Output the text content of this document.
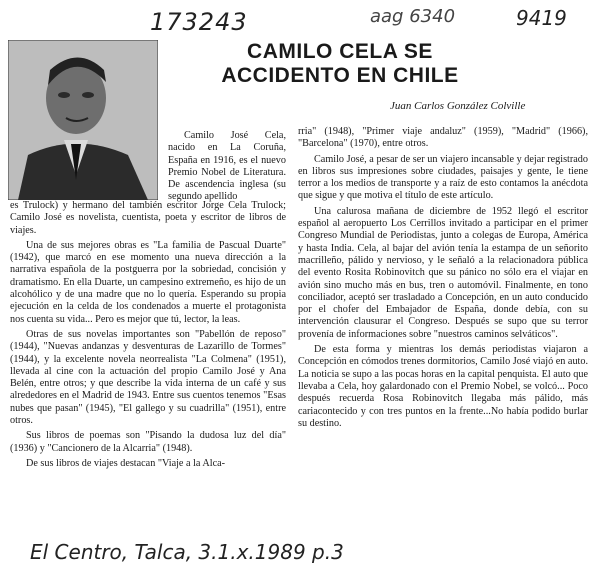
173243	aag 6340	9419
CAMILO CELA SE
ACCIDENTO EN CHILE
Juan Carlos González Colville

Camilo José Cela, nacido en La Coruña, España en 1916, es el nuevo Premio Nobel de Literatura. De ascendencia inglesa (su segundo apellido

es Trulock) y hermano del también escritor Jorge Cela Trulock; Camilo José es novelista, cuentista, poeta y escritor de libros de viajes.

Una de sus mejores obras es "La familia de Pascual Duarte" (1942), que marcó en ese momento una nueva dirección a la narrativa española de la postguerra por la sobriedad, concisión y dramatismo. En ella Duarte, un campesino extremeño, es hijo de un alcohólico y de una madre que no lo quería. Esperando su propia ejecución en la celda de los condenados a muerte el protagonista nos cuenta su vida... Pero es mejor que tú, lector, la leas.

Otras de sus novelas importantes son "Pabellón de reposo" (1944), "Nuevas andanzas y desventuras de Lazarillo de Tormes" (1944), y la excelente novela neorrealista "La Colmena" (1951), llevada al cine con la actuación del propio Camilo José y Ana Belén, entre otros; y que describe la vida interna de un café y sus alrededores en el Madrid de 1943. Entre sus cuentos tenemos "Esas nubes que pasan" (1945), "El gallego y su cuadrilla" (1951), entre otros.

Sus libros de poemas son "Pisando la dudosa luz del día" (1936) y "Cancionero de la Alcarria" (1948).

De sus libros de viajes destacan "Viaje a la Alca-

rria" (1948), "Primer viaje andaluz" (1959), "Madrid" (1966), "Barcelona" (1970), entre otros.

Camilo José, a pesar de ser un viajero incansable y dejar registrado en libros sus impresiones sobre ciudades, paisajes y gente, le tiene terror a los medios de transporte y a raíz de esto contamos la anécdota que sigue y que motiva el título de este artículo.

Una calurosa mañana de diciembre de 1952 llegó el escritor español al aeropuerto Los Cerrillos invitado a participar en el primer Congreso Mundial de Periodistas, junto a colegas de Europa, América y hasta India. Cela, al bajar del avión tenía la estampa de un señorito macrilleño, pálido y nervioso, y le señaló a la relacionadora pública del evento Rosita Robinovitch que su pánico no sólo era el viajar en avión sino mucho más en bus, tren o automóvil. Finalmente, en tono conciliador, aceptó ser trasladado a Concepción, en un auto conducido por el chofer del Embajador de España, donde debía, con su intervención clausurar el Congreso. Después se supo que su terror provenía de informaciones sobre "nuestros caminos selváticos".

De esta forma y mientras los demás periodistas viajaron a Concepción en cómodos trenes dormitorios, Camilo José viajó en auto. La noticia se supo a las pocas horas en la capital penquista. El auto que llevaba a Cela, hoy galardonado con el Premio Nobel, se volcó... Poco después recuerda Rosa Robinovitch llegaba más pálido, más cariacontecido y con tres puntos en la frente...No había podido burlar su destino.

El Centro, Talca, 3.1.x.1989 p.3
